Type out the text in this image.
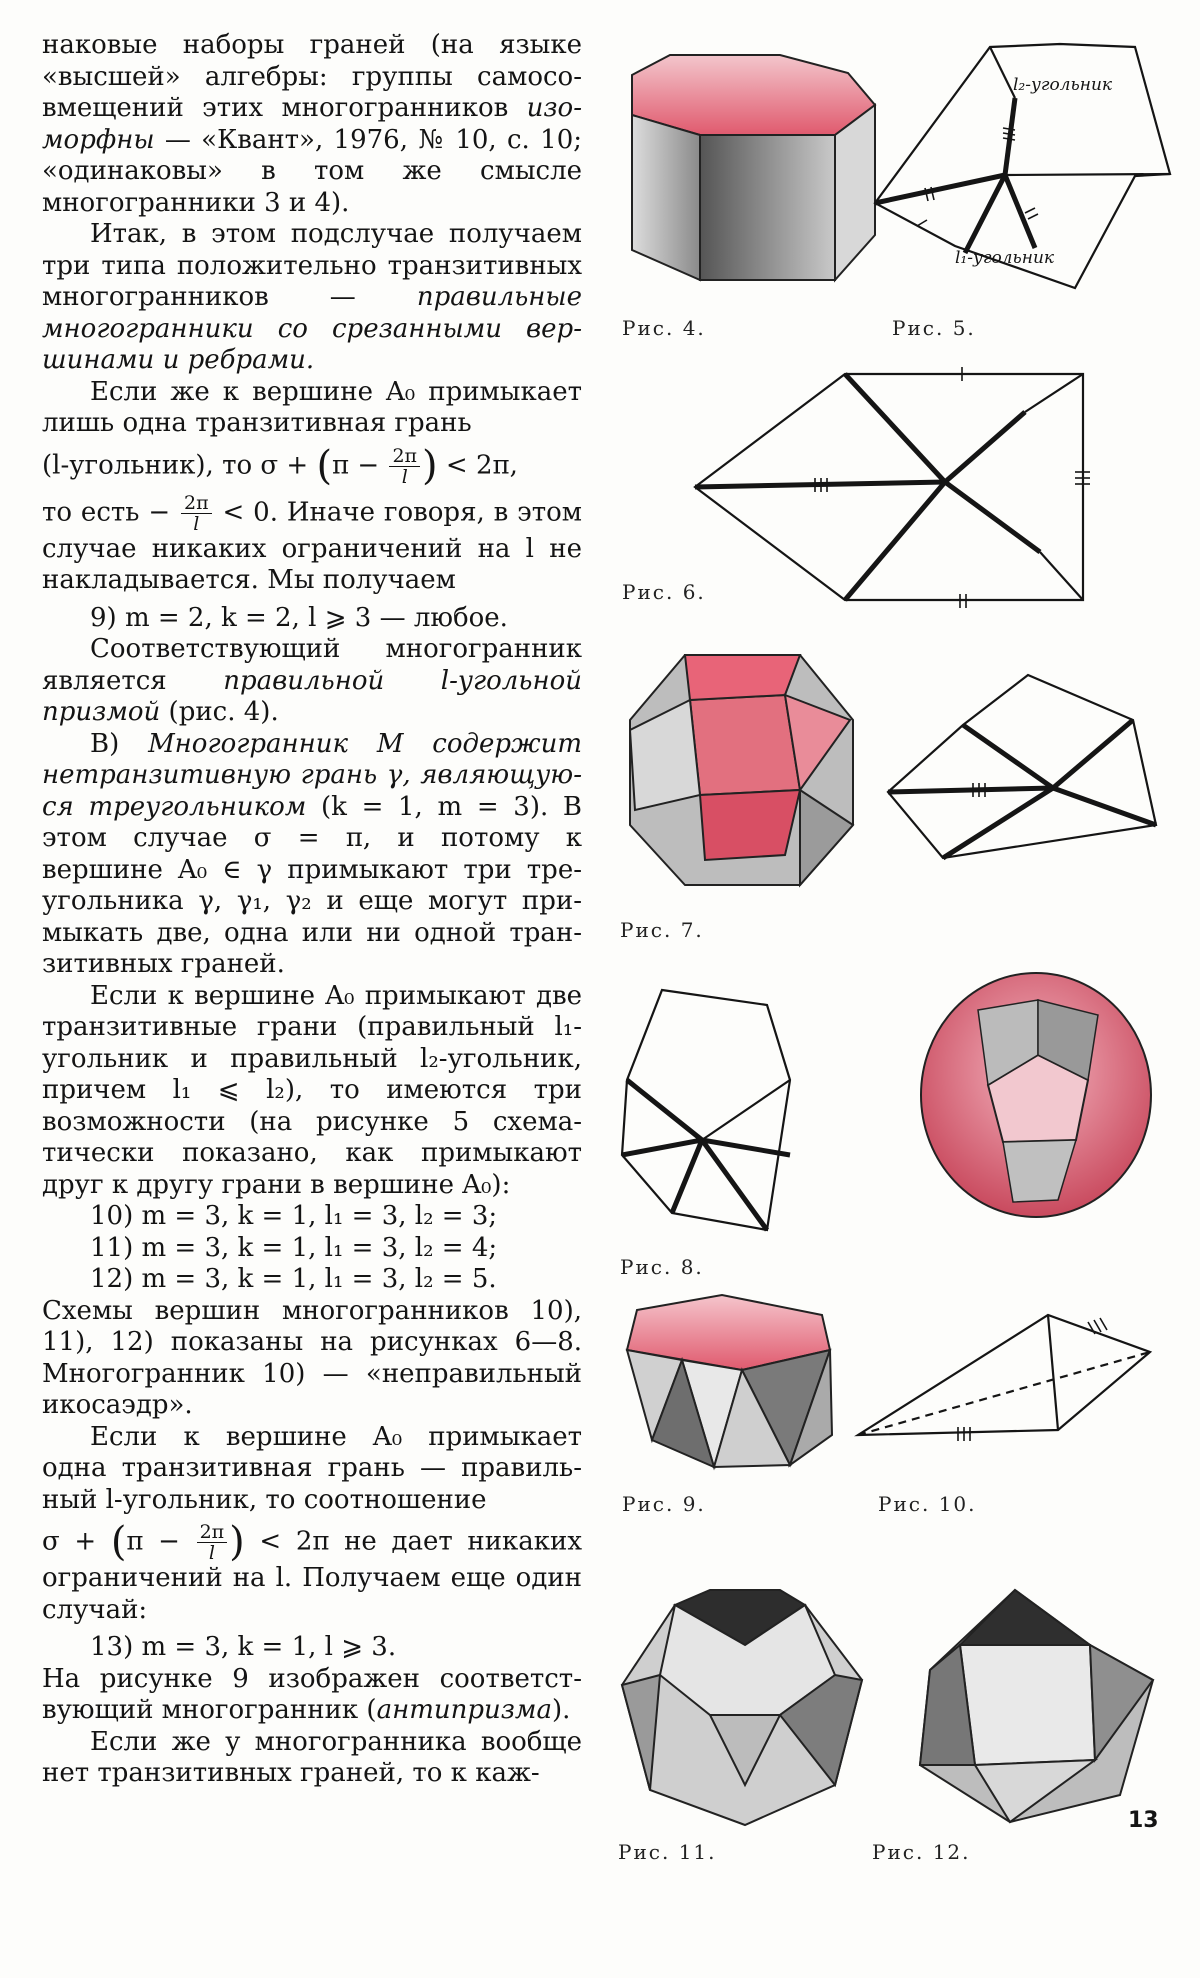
наковые наборы граней (на языке «высшей» алгебры: группы самосовмещений этих многогранников изоморфны — «Квант», 1976, № 10, с. 10; «одинаковы» в том же смысле многогранники 3 и 4).

Итак, в этом подслучае получаем три типа положительно транзитивных многогранников — правильные многогранники со срезанными вершинами и ребрами.

Если же к вершине A₀ примыкает лишь одна транзитивная грань

(l-угольник), то $\sigma + (\pi - \frac{2\pi}{l}$ ) < 2π,

то есть − $\frac{2\pi}{l} < 0$. Иначе говоря, в этом случае никаких ограничений на l не накладывается. Мы получаем

9) m = 2, k = 2, l ⩾ 3 — любое.

Соответствующий многогранник является правильной l-угольной призмой (рис. 4).

В) Многогранник M содержит нетранзитивную грань γ, являющуюся треугольником (k = 1, m = 3). В этом случае σ = π, и потому к вершине A₀ ∈ γ примыкают три треугольника γ, γ₁, γ₂ и еще могут примыкать две, одна или ни одной транзитивных граней.

Если к вершине A₀ примыкают две транзитивные грани (правильный l₁-угольник и правильный l₂-угольник, причем l₁ ⩽ l₂), то имеются три возможности (на рисунке 5 схематически показано, как примыкают друг к другу грани в вершине A₀):

10) m = 3, k = 1, l₁ = 3, l₂ = 3;

11) m = 3, k = 1, l₁ = 3, l₂ = 4;

12) m = 3, k = 1, l₁ = 3, l₂ = 5.

Схемы вершин многогранников 10), 11), 12) показаны на рисунках 6—8. Многогранник 10) — «неправильный икосаэдр».

Если к вершине A₀ примыкает одна транзитивная грань — правильный l-угольник, то соотношение

$\sigma + (\pi - \frac{2\pi}{l}$ ) < 2π не дает никаких ограничений на l. Получаем еще один случай:

13) m = 3, k = 1, l ⩾ 3.

На рисунке 9 изображен соответствующий многогранник (антипризма).

Если же у многогранника вообще нет транзитивных граней, то к каж-

Рис. 4.
l₂-угольник
l₁-угольник
Рис. 5.
Рис. 6.
Рис. 7.
Рис. 8.
Рис. 9.	Рис. 10.
Рис. 11.	Рис. 12.
13
